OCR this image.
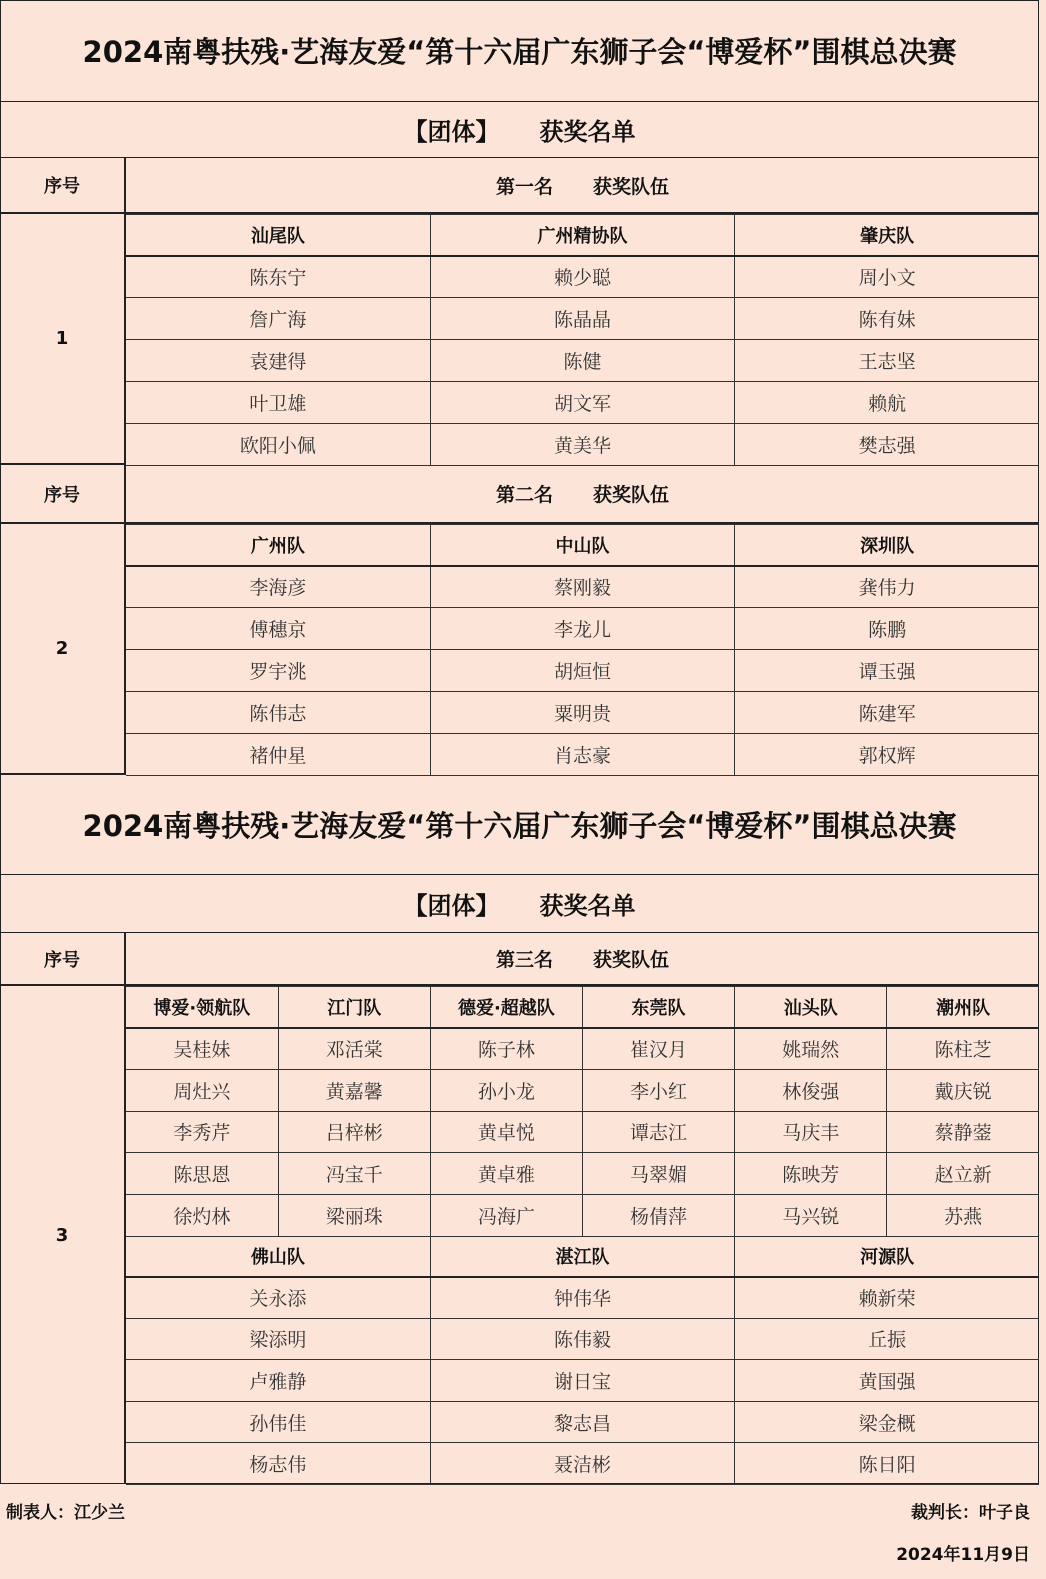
2024南粤扶残·艺海友爱“第十六届广东狮子会“博爱杯”围棋总决赛
【团体】 获奖名单
序号	第一名 获奖队伍
1
汕尾队	广州精协队	肇庆队
陈东宁	赖少聪	周小文
詹广海	陈晶晶	陈有妹
袁建得	陈健	王志坚
叶卫雄	胡文军	赖航
欧阳小佩	黄美华	樊志强
序号	第二名 获奖队伍
2
广州队	中山队	深圳队
李海彦	蔡刚毅	龚伟力
傅穗京	李龙儿	陈鹏
罗宇洮	胡烜恒	谭玉强
陈伟志	粟明贵	陈建军
褚仲星	肖志豪	郭权辉
2024南粤扶残·艺海友爱“第十六届广东狮子会“博爱杯”围棋总决赛
【团体】 获奖名单
序号	第三名 获奖队伍
3
博爱·领航队	江门队	德爱·超越队	东莞队	汕头队	潮州队
吴桂妹	邓活棠	陈子林	崔汉月	姚瑞然	陈柱芝
周灶兴	黄嘉馨	孙小龙	李小红	林俊强	戴庆锐
李秀芹	吕梓彬	黄卓悦	谭志江	马庆丰	蔡静蓥
陈思恩	冯宝千	黄卓雅	马翠媚	陈映芳	赵立新
徐灼林	梁丽珠	冯海广	杨倩萍	马兴锐	苏燕
佛山队	湛江队	河源队
关永添	钟伟华	赖新荣
梁添明	陈伟毅	丘振
卢雅静	谢日宝	黄国强
孙伟佳	黎志昌	梁金概
杨志伟	聂洁彬	陈日阳
制表人：江少兰	裁判长：叶子良
2024年11月9日
